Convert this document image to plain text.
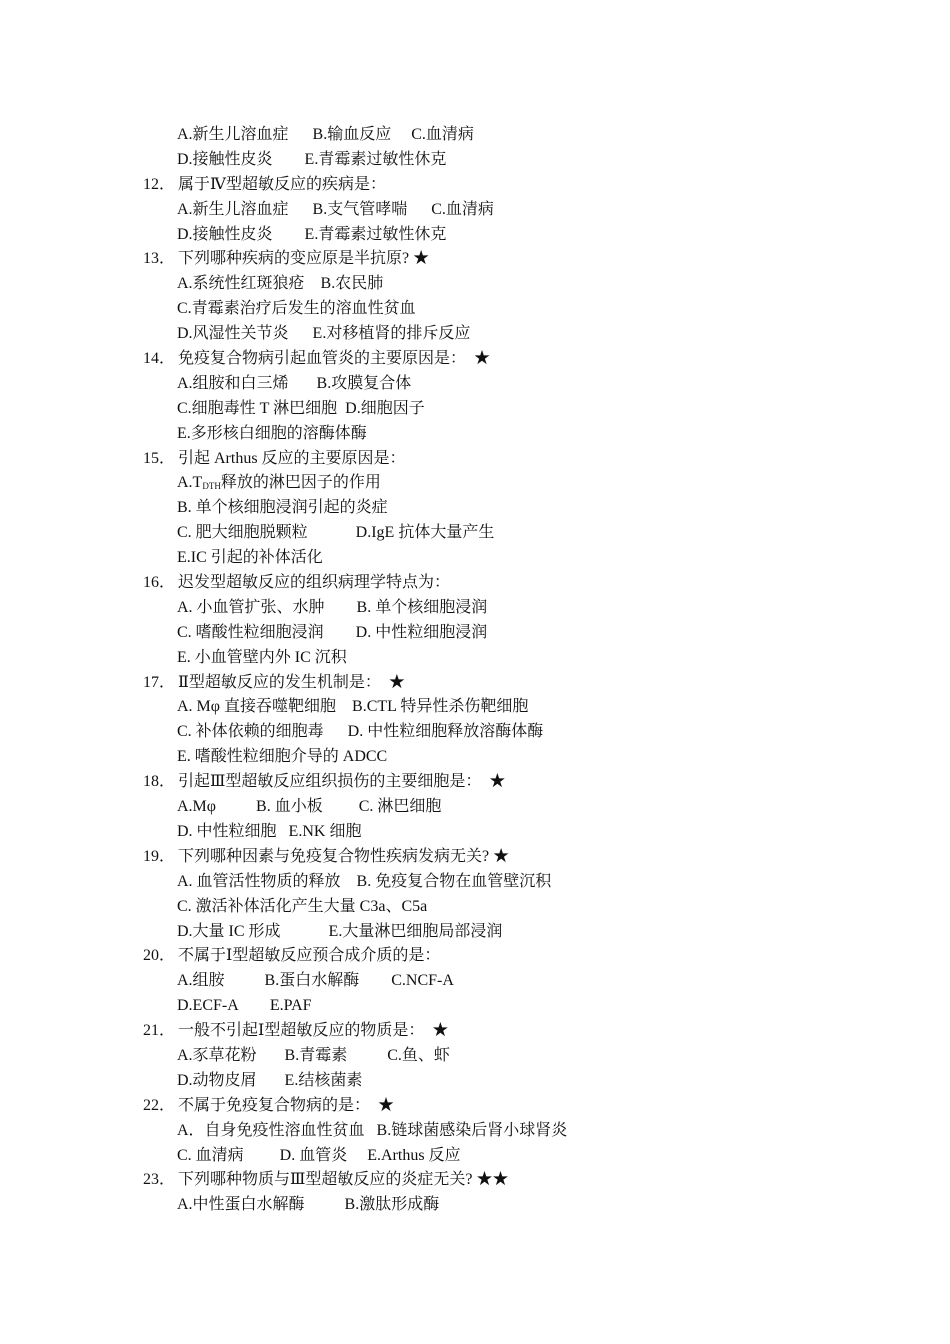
A.新生儿溶血症      B.输血反应     C.血清病
D.接触性皮炎        E.青霉素过敏性休克
12． 属于Ⅳ型超敏反应的疾病是：
A.新生儿溶血症      B.支气管哮喘      C.血清病
D.接触性皮炎        E.青霉素过敏性休克
13． 下列哪种疾病的变应原是半抗原? ★
A.系统性红斑狼疮    B.农民肺
C.青霉素治疗后发生的溶血性贫血
D.风湿性关节炎      E.对移植肾的排斥反应
14． 免疫复合物病引起血管炎的主要原因是：  ★
A.组胺和白三烯       B.攻膜复合体
C.细胞毒性 T 淋巴细胞  D.细胞因子
E.多形核白细胞的溶酶体酶
15． 引起 Arthus 反应的主要原因是：
$A.T_{DTH}$释放的淋巴因子的作用
B. 单个核细胞浸润引起的炎症
C. 肥大细胞脱颗粒            D.IgE 抗体大量产生
E.IC 引起的补体活化
16． 迟发型超敏反应的组织病理学特点为：
A. 小血管扩张、水肿        B. 单个核细胞浸润
C. 嗜酸性粒细胞浸润        D. 中性粒细胞浸润
E. 小血管壁内外 IC 沉积
17． Ⅱ型超敏反应的发生机制是：  ★
A. Mφ 直接吞噬靶细胞    B.CTL 特异性杀伤靶细胞
C. 补体依赖的细胞毒      D. 中性粒细胞释放溶酶体酶
E. 嗜酸性粒细胞介导的 ADCC
18． 引起Ⅲ型超敏反应组织损伤的主要细胞是：  ★
A.Mφ          B. 血小板         C. 淋巴细胞
D. 中性粒细胞   E.NK 细胞
19． 下列哪种因素与免疫复合物性疾病发病无关? ★
A. 血管活性物质的释放    B. 免疫复合物在血管壁沉积
C. 激活补体活化产生大量 C3a、C5a
D.大量 IC 形成            E.大量淋巴细胞局部浸润
20． 不属于Ⅰ型超敏反应预合成介质的是：
A.组胺          B.蛋白水解酶        C.NCF-A
D.ECF-A        E.PAF
21． 一般不引起Ⅰ型超敏反应的物质是：  ★
A.豕草花粉       B.青霉素          C.鱼、虾
D.动物皮屑       E.结核菌素
22． 不属于免疫复合物病的是：  ★
A．自身免疫性溶血性贫血   B.链球菌感染后肾小球肾炎
C. 血清病         D. 血管炎     E.Arthus 反应
23． 下列哪种物质与Ⅲ型超敏反应的炎症无关? ★★
A.中性蛋白水解酶          B.激肽形成酶
